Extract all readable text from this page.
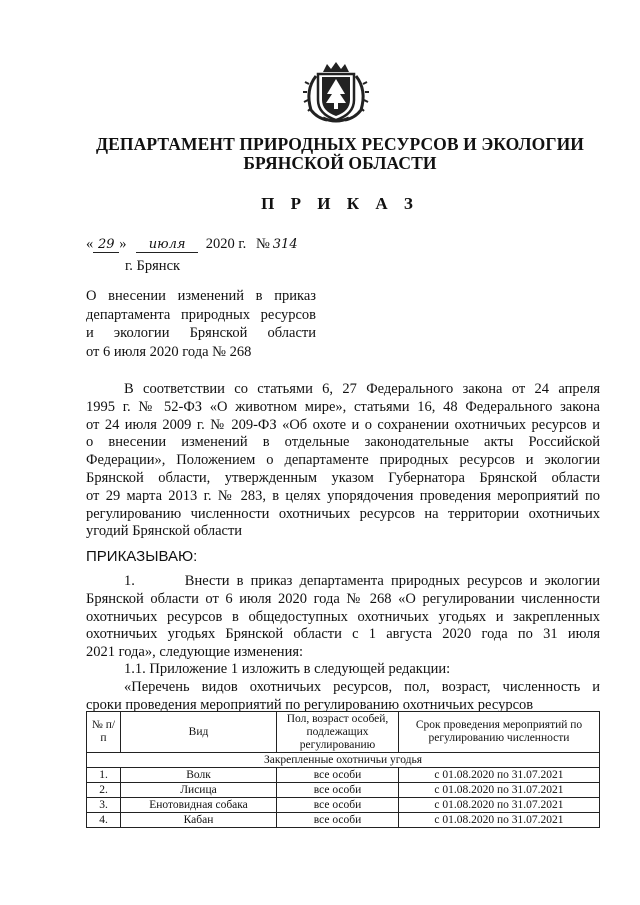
ДЕПАРТАМЕНТ ПРИРОДНЫХ РЕСУРСОВ И ЭКОЛОГИИ
БРЯНСКОЙ ОБЛАСТИ
П Р И К А З
« 29 » июля 2020 г. № 314
г. Брянск
О внесении изменений в приказ
департамента природных ресурсов
и экологии Брянской области
от 6 июля 2020 года № 268
В соответствии со статьями 6, 27 Федерального закона от 24 апреля
1995 г. № 52-ФЗ «О животном мире», статьями 16, 48 Федерального закона
от 24 июля 2009 г. № 209-ФЗ «Об охоте и о сохранении охотничьих ресурсов и
о внесении изменений в отдельные законодательные акты Российской
Федерации», Положением о департаменте природных ресурсов и экологии
Брянской области, утвержденным указом Губернатора Брянской области
от 29 марта 2013 г. № 283, в целях упорядочения проведения мероприятий по
регулированию численности охотничьих ресурсов на территории охотничьих
угодий Брянской области
ПРИКАЗЫВАЮ:
1.       Внести в приказ департамента природных ресурсов и экологии
Брянской области от 6 июля 2020 года № 268 «О регулировании численности
охотничьих ресурсов в общедоступных охотничьих угодьях и закрепленных
охотничьих угодьях Брянской области с 1 августа 2020 года по 31 июля
2021 года», следующие изменения:
1.1. Приложение 1 изложить в следующей редакции:
«Перечень видов охотничьих ресурсов, пол, возраст, численность и
сроки проведения мероприятий по регулированию охотничьих ресурсов
№ п/п	Вид	Пол, возраст особей, подлежащих регулированию	Срок проведения мероприятий по регулированию численности
Закрепленные охотничьи угодья			
1.	Волк	все особи	с 01.08.2020 по 31.07.2021
2.	Лисица	все особи	с 01.08.2020 по 31.07.2021
3.	Енотовидная собака	все особи	с 01.08.2020 по 31.07.2021
4.	Кабан	все особи	с 01.08.2020 по 31.07.2021
